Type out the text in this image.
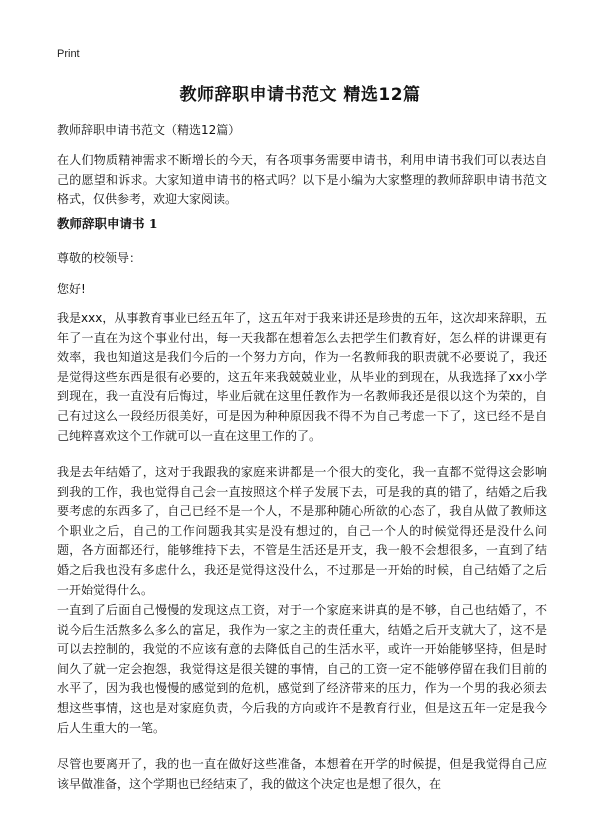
Print
教师辞职申请书范文 精选12篇
教师辞职申请书范文（精选12篇）

在人们物质精神需求不断增长的今天，有各项事务需要申请书，利用申请书我们可以表达自己的愿望和诉求。大家知道申请书的格式吗？以下是小编为大家整理的教师辞职申请书范文格式，仅供参考，欢迎大家阅读。

教师辞职申请书 1
尊敬的校领导：
您好!

我是xxx，从事教育事业已经五年了，这五年对于我来讲还是珍贵的五年，这次却来辞职，五年了一直在为这个事业付出，每一天我都在想着怎么去把学生们教育好，怎么样的讲课更有效率，我也知道这是我们今后的一个努力方向，作为一名教师我的职责就不必要说了，我还是觉得这些东西是很有必要的，这五年来我兢兢业业，从毕业的到现在，从我选择了xx小学到现在，我一直没有后悔过，毕业后就在这里任教作为一名教师我还是很以这个为荣的，自己有过这么一段经历很美好，可是因为种种原因我不得不为自己考虑一下了，这已经不是自己纯粹喜欢这个工作就可以一直在这里工作的了。

我是去年结婚了，这对于我跟我的家庭来讲都是一个很大的变化，我一直都不觉得这会影响到我的工作，我也觉得自己会一直按照这个样子发展下去，可是我的真的错了，结婚之后我要考虑的东西多了，自己已经不是一个人，不是那种随心所欲的心态了，我自从做了教师这个职业之后，自己的工作问题我其实是没有想过的，自己一个人的时候觉得还是没什么问题，各方面都还行，能够维持下去，不管是生活还是开支，我一般不会想很多，一直到了结婚之后我也没有多虑什么，我还是觉得这没什么，不过那是一开始的时候，自己结婚了之后一开始觉得什么。

一直到了后面自己慢慢的发现这点工资，对于一个家庭来讲真的是不够，自己也结婚了，不说今后生活熬多么多么的富足，我作为一家之主的责任重大，结婚之后开支就大了，这不是可以去控制的，我觉的不应该有意的去降低自己的生活水平，或许一开始能够坚持，但是时间久了就一定会抱怨，我觉得这是很关键的事情，自己的工资一定不能够停留在我们目前的水平了，因为我也慢慢的感觉到的危机，感觉到了经济带来的压力，作为一个男的我必须去想这些事情，这也是对家庭负责，今后我的方向或许不是教育行业，但是这五年一定是我今后人生重大的一笔。

尽管也要离开了，我的也一直在做好这些准备，本想着在开学的时候提，但是我觉得自己应该早做准备，这个学期也已经结束了，我的做这个决定也是想了很久，在
